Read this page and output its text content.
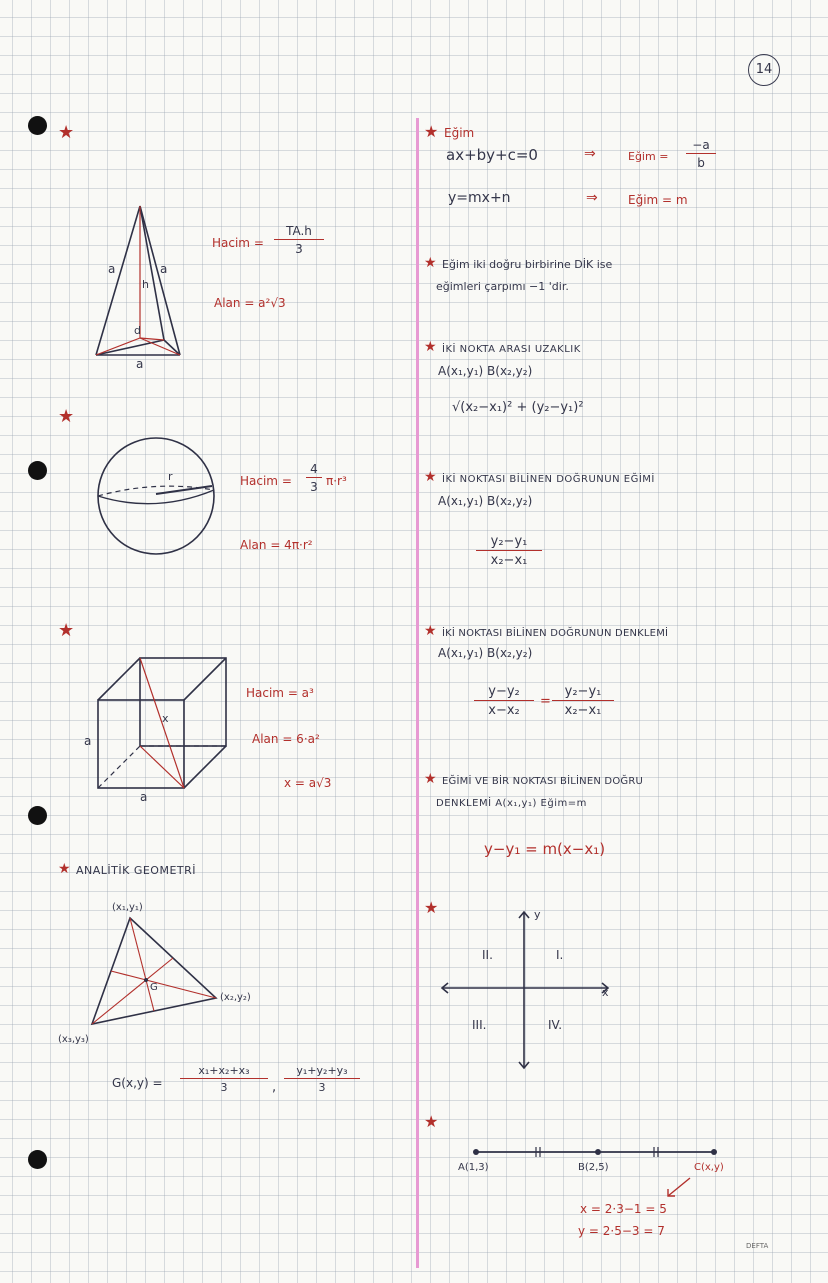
14
★
a	a
h
d
a
Hacim = $\frac{TA.h}{3}$
Alan = a²√3
★
r	Hacim = $\frac{4}{3} \pi\cdot r^3$
Alan = 4π·r²
★
a
a
x
Hacim = a³
Alan = 6·a²
x = a√3
★ ANALİTİK GEOMETRİ
(x₁,y₁)
(x₂,y₂)
(x₃,y₃)
G
$G(x,y) = \frac{\text{x₁+x₂+x₃}}{3}$ , $\frac{\text{y₁+y₂+y₃}}{3}$
★ Eğim
ax+by+c=0	⇒	Eğim = $\frac{-a}{b}$
y=mx+n	⇒	Eğim = m
★ Eğim iki doğru birbirine DİK ise
eğimleri çarpımı −1 'dir.
★ İKİ NOKTA ARASI UZAKLIK
A(x₁,y₁) B(x₂,y₂)
√(x₂−x₁)² + (y₂−y₁)²
★ İKİ NOKTASI BİLİNEN DOĞRUNUN EĞİMİ
A(x₁,y₁) B(x₂,y₂)
$\frac{\text{y₂−y₁}}{\text{x₂−x₁}}$
★ İKİ NOKTASI BİLİNEN DOĞRUNUN DENKLEMİ
A(x₁,y₁) B(x₂,y₂)
$\frac{\text{y−y₂}}{\text{x−x₂}} = \frac{\text{y₂−y₁}}{\text{x₂−x₁}}$
★ EĞİMİ VE BİR NOKTASI BİLİNEN DOĞRU
DENKLEMİ A(x₁,y₁) Eğim=m
y−y₁ = m(x−x₁)
★	y
x
I.
II.
III.	IV.
★
A(1,3)	B(2,5)	C(x,y)
x = 2·3−1 = 5
y = 2·5−3 = 7
DEFTA
